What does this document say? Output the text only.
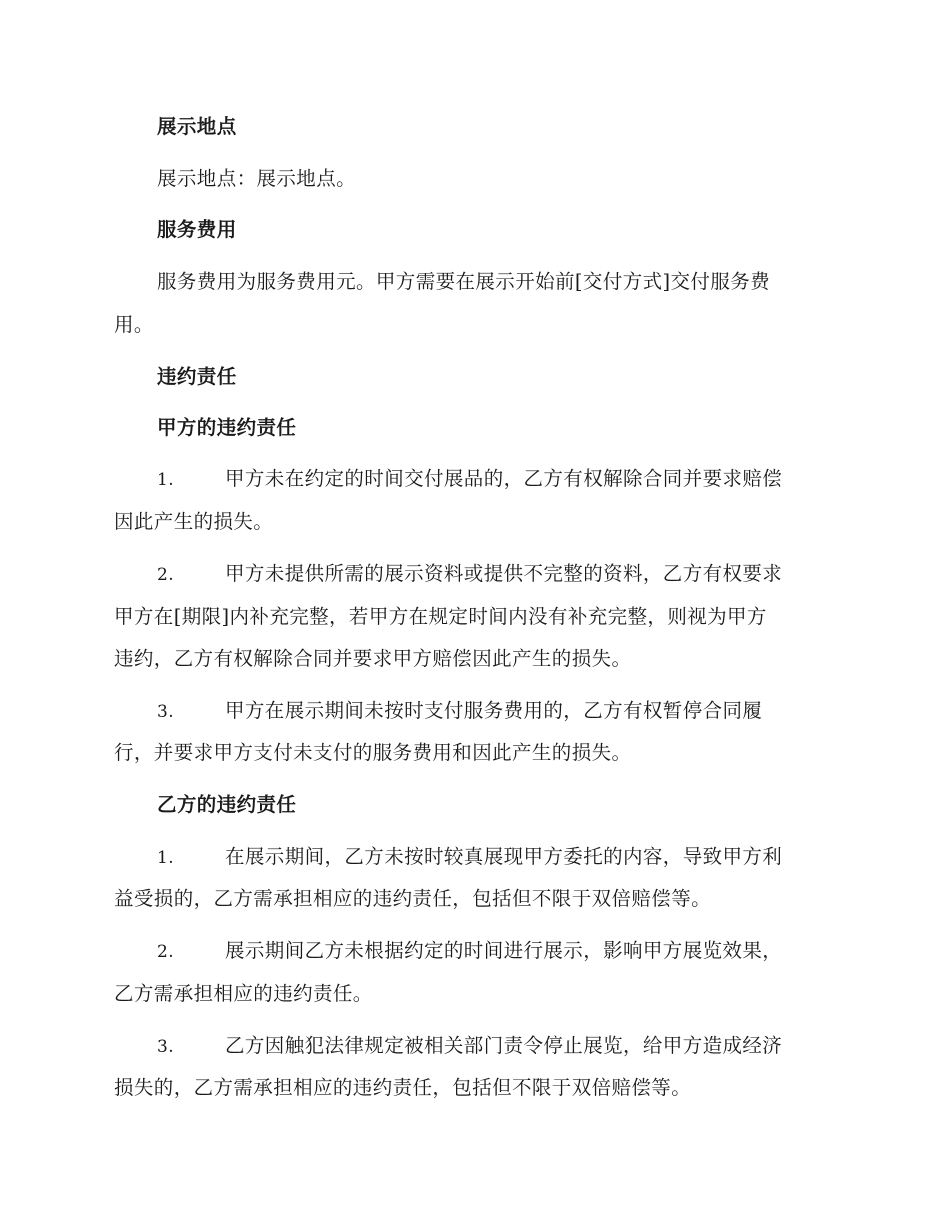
展示地点
展示地点：展示地点。
服务费用
服务费用为服务费用元。甲方需要在展示开始前[交付方式]交付服务费
用。
违约责任
甲方的违约责任
1.	甲方未在约定的时间交付展品的，乙方有权解除合同并要求赔偿
因此产生的损失。
2.	甲方未提供所需的展示资料或提供不完整的资料，乙方有权要求
甲方在[期限]内补充完整，若甲方在规定时间内没有补充完整，则视为甲方
违约，乙方有权解除合同并要求甲方赔偿因此产生的损失。
3.	甲方在展示期间未按时支付服务费用的，乙方有权暂停合同履
行，并要求甲方支付未支付的服务费用和因此产生的损失。
乙方的违约责任
1.	在展示期间，乙方未按时较真展现甲方委托的内容，导致甲方利
益受损的，乙方需承担相应的违约责任，包括但不限于双倍赔偿等。
2.	展示期间乙方未根据约定的时间进行展示，影响甲方展览效果，
乙方需承担相应的违约责任。
3.	乙方因触犯法律规定被相关部门责令停止展览，给甲方造成经济
损失的，乙方需承担相应的违约责任，包括但不限于双倍赔偿等。
